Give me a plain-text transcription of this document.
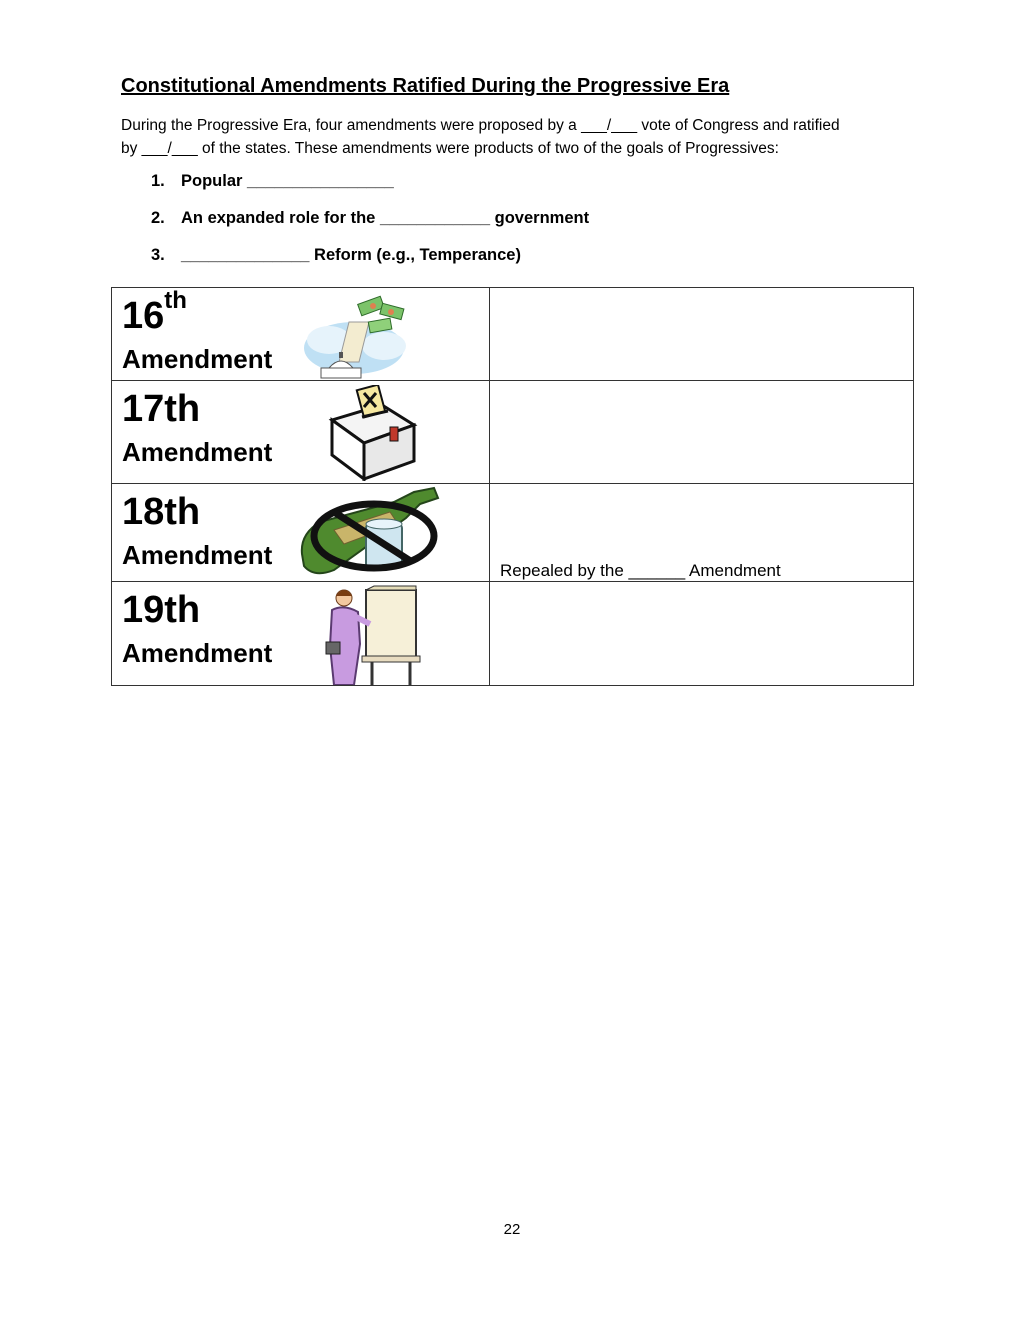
Constitutional Amendments Ratified During the Progressive Era
During the Progressive Era, four amendments were proposed by a ___/___ vote of Congress and ratified
by ___/___ of the states. These amendments were products of two of the goals of Progressives:
1. Popular ________________
2. An expanded role for the ____________ government
3. ______________ Reform (e.g., Temperance)
16th
Amendment	

17th
Amendment	

18th
Amendment	Repealed by the ______ Amendment

19th
Amendment	

22
